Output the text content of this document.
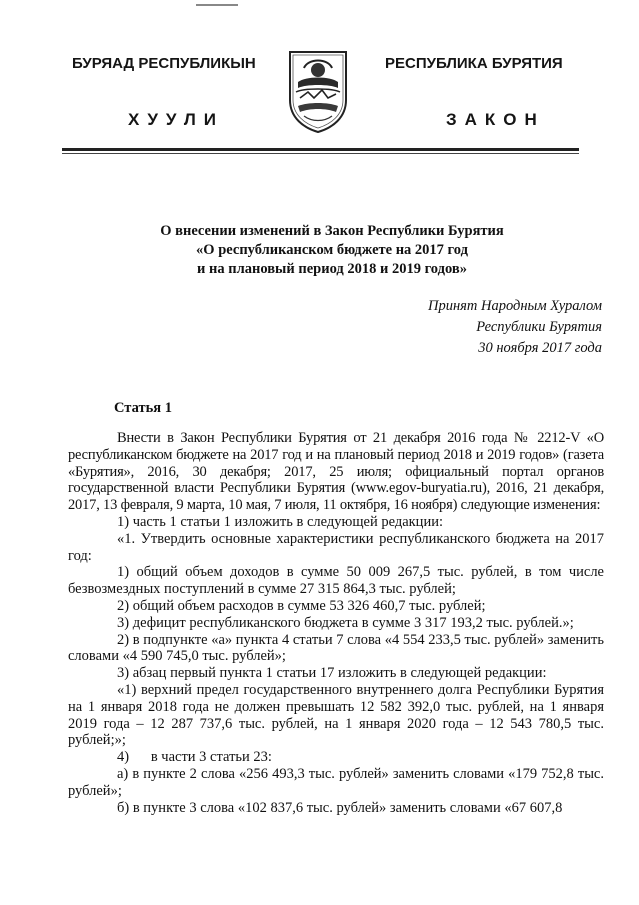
БУРЯАД РЕСПУБЛИКЫН	РЕСПУБЛИКА БУРЯТИЯ
ХУУЛИ	ЗАКОН
О внесении изменений в Закон Республики Бурятия
«О республиканском бюджете на 2017 год
и на плановый период 2018 и 2019 годов»
Принят Народным Хуралом
Республики Бурятия
30 ноября 2017 года
Статья 1

Внести в Закон Республики Бурятия от 21 декабря 2016 года № 2212-V «О республиканском бюджете на 2017 год и на плановый период 2018 и 2019 годов» (газета «Бурятия», 2016, 30 декабря; 2017, 25 июля; официальный портал органов государственной власти Республики Бурятия (www.egov-buryatia.ru), 2016, 21 декабря, 2017, 13 февраля, 9 марта, 10 мая, 7 июля, 11 октября, 16 ноября) следующие изменения:

1) часть 1 статьи 1 изложить в следующей редакции:

«1. Утвердить основные характеристики республиканского бюджета на 2017 год:

1) общий объем доходов в сумме 50 009 267,5 тыс. рублей, в том числе безвозмездных поступлений в сумме 27 315 864,3 тыс. рублей;

2) общий объем расходов в сумме 53 326 460,7 тыс. рублей;

3) дефицит республиканского бюджета в сумме 3 317 193,2 тыс. рублей.»;

2) в подпункте «а» пункта 4 статьи 7 слова «4 554 233,5 тыс. рублей» заменить словами «4 590 745,0 тыс. рублей»;

3) абзац первый пункта 1 статьи 17 изложить в следующей редакции:

«1) верхний предел государственного внутреннего долга Республики Бурятия на 1 января 2018 года не должен превышать 12 582 392,0 тыс. рублей, на 1 января 2019 года – 12 287 737,6 тыс. рублей, на 1 января 2020 года – 12 543 780,5 тыс. рублей;»;

4)      в части 3 статьи 23:

а) в пункте 2 слова «256 493,3 тыс. рублей» заменить словами «179 752,8 тыс. рублей»;

б) в пункте 3 слова «102 837,6 тыс. рублей» заменить словами «67 607,8
